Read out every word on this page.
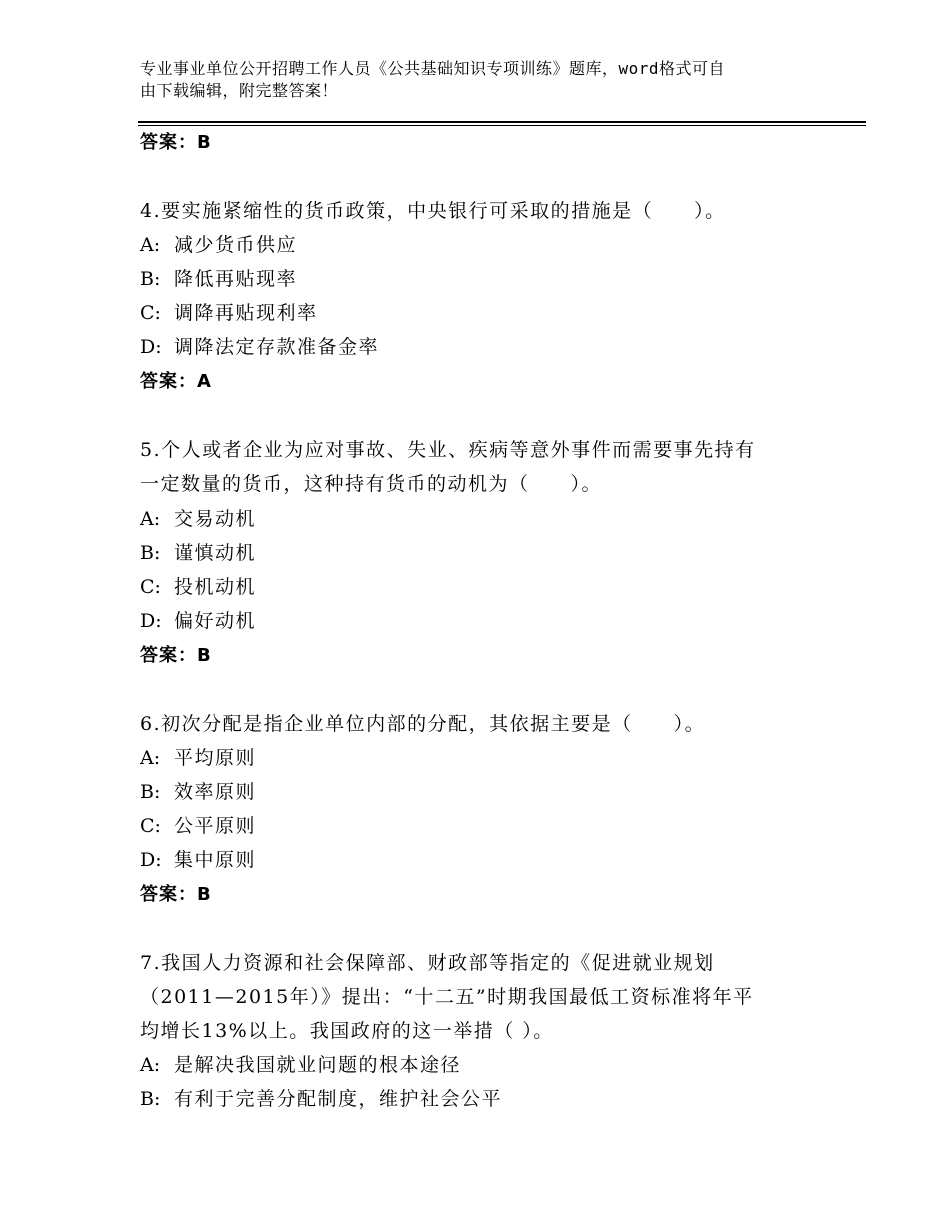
专业事业单位公开招聘工作人员《公共基础知识专项训练》题库，word格式可自
由下载编辑，附完整答案！
答案：B
4.要实施紧缩性的货币政策，中央银行可采取的措施是（　　）。
A: 减少货币供应
B: 降低再贴现率
C: 调降再贴现利率
D: 调降法定存款准备金率
答案：A
5.个人或者企业为应对事故、失业、疾病等意外事件而需要事先持有
一定数量的货币，这种持有货币的动机为（　　）。
A: 交易动机
B: 谨慎动机
C: 投机动机
D: 偏好动机
答案：B
6.初次分配是指企业单位内部的分配，其依据主要是（　　）。
A: 平均原则
B: 效率原则
C: 公平原则
D: 集中原则
答案：B
7.我国人力资源和社会保障部、财政部等指定的《促进就业规划
（2011—2015年）》提出：“十二五”时期我国最低工资标准将年平
均增长13%以上。我国政府的这一举措（ ）。
A: 是解决我国就业问题的根本途径
B: 有利于完善分配制度，维护社会公平
